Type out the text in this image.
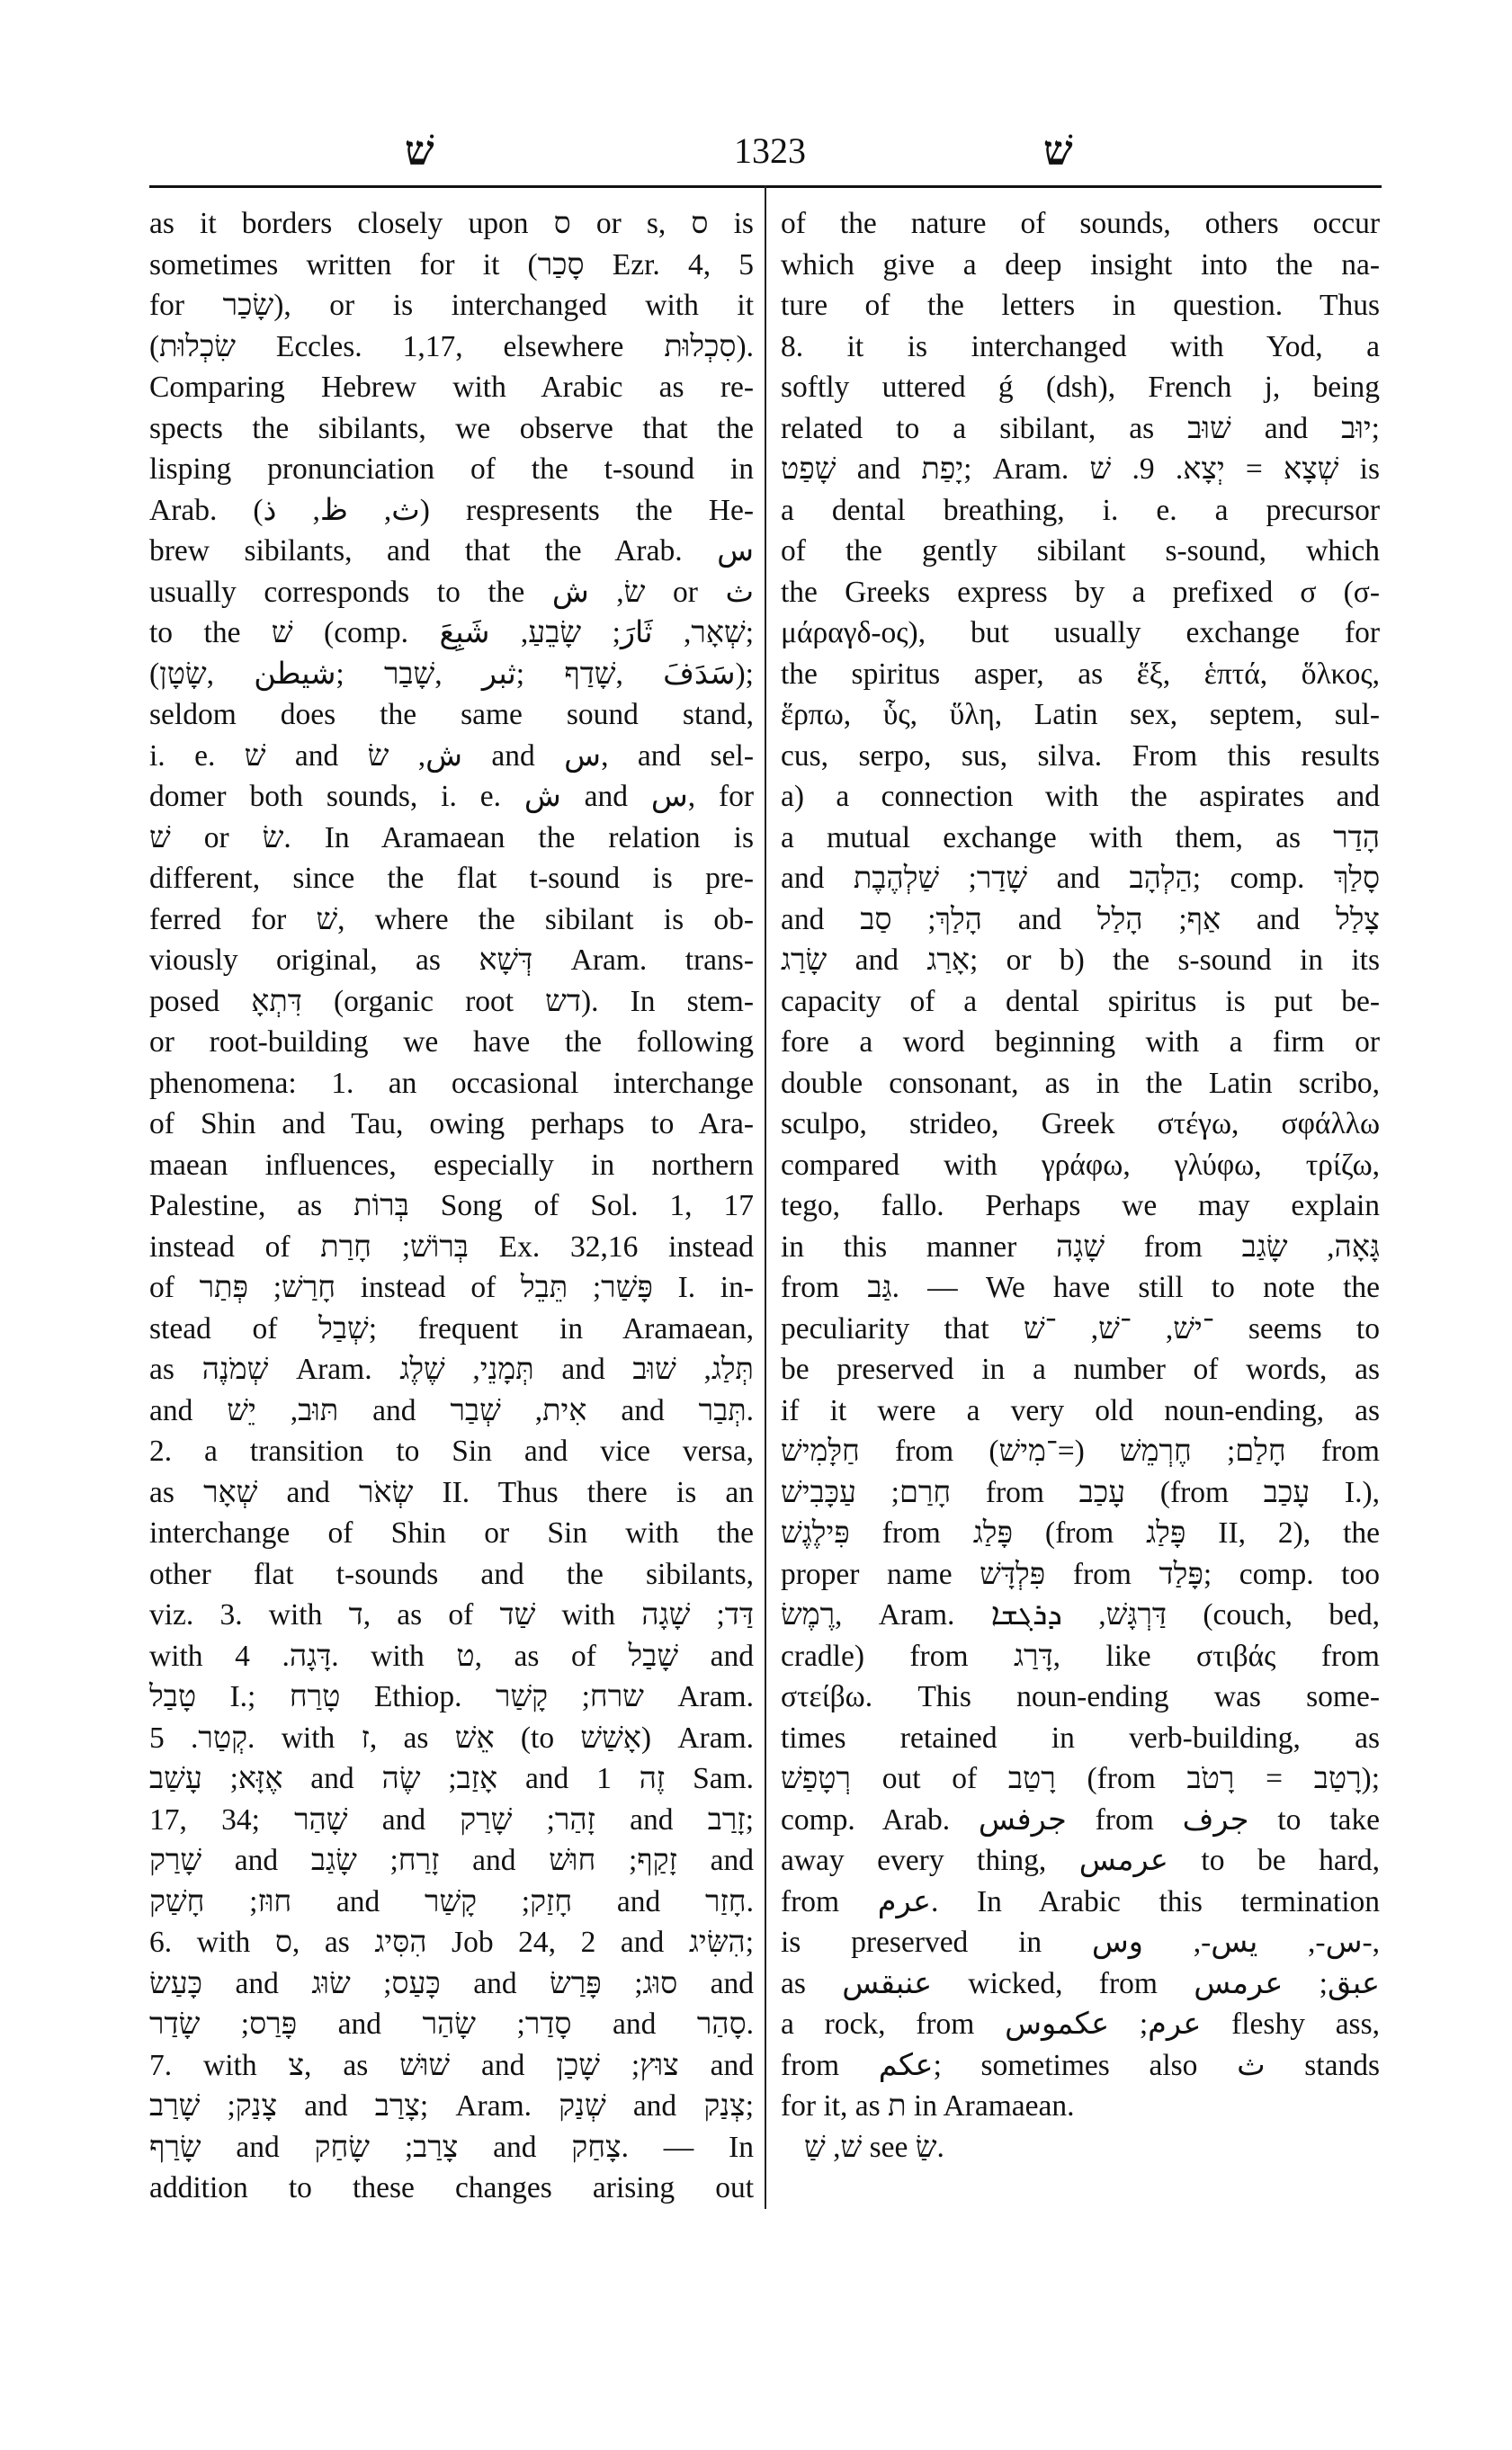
שׁ	1323	שׁ
as it borders closely upon ס or s, ס is
sometimes written for it (סָכַר Ezr. 4, 5
for שָׂכַר), or is interchanged with it
(שִׂכְלוּת Eccles. 1,17, elsewhere סִכְלוּת).
Comparing Hebrew with Arabic as re-
spects the sibilants, we observe that the
lisping pronunciation of the t-sound in
Arab. (ث, ظ, ذ) respresents the He-
brew sibilants, and that the Arab. س
usually corresponds to the שׂ, ش or ث
to the שׁ (comp. שְׁאָר, ثَارَ; שָׂבֵעַ, شَبِعَ;
(سَدَفَ ,שָׁדַף ;ثبر ,שָׁבַר ;شيطن ,שָׂטָן);
seldom does the same sound stand,
i. e. שׁ and ش, שׂ and س, and sel-
domer both sounds, i. e. ش and س, for
שׁ or שׂ. In Aramaean the relation is
different, since the flat t-sound is pre-
ferred for שׁ, where the sibilant is ob-
viously original, as דְּשָׁא Aram. trans-
posed דִּתְאָ (organic root דש). In stem-
or root-building we have the following
phenomena: 1. an occasional interchange
of Shin and Tau, owing perhaps to Ara-
maean influences, especially in northern
Palestine, as בְּרוֹת Song of Sol. 1, 17
instead of בְּרוֹשׁ; חָרַת Ex. 32,16 instead
of חָרַשׁ; פְּתַר instead of פָּשַׁר; תֵּבֵל I. in-
stead of שְׁבַל; frequent in Aramaean,
as שְׁמֹנֶה Aram. תְּמָנֵי, שֶׁלֶג and תְּלַג, שׁוּב
and תּוּב, יֵשׁ and אִית, שְׁבַר and תְּבַר.
2. a transition to Sin and vice versa,
as שְׁאָר and שְׂאֹר II. Thus there is an
interchange of Shin or Sin with the
other flat t-sounds and the sibilants,
viz. 3. with ד, as of שַׁד with דַּד; שָׁגָה
with דָּגָה. 4. with ט, as of שָׁבַל and
טָבַל I.; טָרַח Ethiop. שרח; קָשַׁר Aram.
קְטַר. 5. with ז, as אֵשׁ (to אָשַׁשׁ) Aram.
אֶזָּא; עָשַׁב and אָזַב; שֶׂה and זֶה 1 Sam.
17, 34; שָׁהַר and זָהַר; שָׁרַק and זָרַב;
שָׁרַק and זָרַח; שָׂגַב and זָקַף; חוּשׁ and
חוּז; חָשַׁק and חָזַק; קָשַׁר and חָזַר.
6. with ס, as הִסִּיג Job 24, 2 and הִשִּׂיג;
כָּעַשׂ and כָּעַס; שׂוּג and סוּג; פָּרַשׂ and
פָּרַס; שָׂדַר and סָדַר; שָׂהַר and סָהַר.
7. with צ, as שׁוּשׁ and צוּץ; שָׁכַן and
צָנַק; שָׁרַב and צָרַב; Aram. שְׁנַק and צְנַק;
שָׂרַף and צָרַב; שָׂחַק and צָחַק. — In
addition to these changes arising out
of the nature of sounds, others occur
which give a deep insight into the na-
ture of the letters in question. Thus
8. it is interchanged with Yod, a
softly uttered ǵ (dsh), French j, being
related to a sibilant, as שׁוּב and יוּב;
שָׁפַט and יָפַת; Aram. שְׁצָא = יְצָא. 9. שׁ is
a dental breathing, i. e. a precursor
of the gently sibilant s-sound, which
the Greeks express by a prefixed σ (σ-
μάραγδ-ος), but usually exchange for
the spiritus asper, as ἕξ, ἑπτά, ὅλκος,
ἕρπω, ὗς, ὕλη, Latin sex, septem, sul-
cus, serpo, sus, silva. From this results
a) a connection with the aspirates and
a mutual exchange with them, as הָדַר
and שָׁדַר; שַׁלְהֶבֶת and הַלְהָב; comp. סָלַךְ
and הָלַךְ; סַב and אַף; הָלַל and צָלַל
שָׂרַג and אָרַג; or b) the s-sound in its
capacity of a dental spiritus is put be-
fore a word beginning with a firm or
double consonant, as in the Latin scribo,
sculpo, strideo, Greek στέγω, σφάλλω
compared with γράφω, γλύφω, τρίζω,
tego, fallo. Perhaps we may explain
in this manner שָׁגָה from גָּאָה, שָׂגַב
from גַּב. — We have still to note the
peculiarity that ־ישׁ, ־שׁ, ־שׁ seems to
be preserved in a number of words, as
if it were a very old noun-ending, as
חַלָּמִישׁ from חָלַם; חֶרְמֵשׁ (=־מִישׁ) from
חָרַם; עַכָּבִישׁ from עָכַב (from עָכַב I.),
פִּילֶגֶשׁ from פָּלַג (from פָּלַג II, 2), the
proper name פִּלְדָּשׁ from פָּלַד; comp. too
רֶמֶשׂ, Aram. דַּרְגָּשׁ, ܕܪܓܫܐ (couch, bed,
cradle) from דָּרַג, like στιβάς from
στείβω. This noun-ending was some-
times retained in verb-building, as
רְטָפַשׁ out of רָטַב (from רָטַב = רָטֹב);
comp. Arab. جرفس from جرف to take
away every thing, عرمس to be hard,
from عرم. In Arabic this termination
is preserved in س-, يس-, وس-,
as عنبقس wicked, from عبق; عرمس
a rock, from عرم; عكموس fleshy ass,
from عكم; sometimes also ث stands
for it, as ת in Aramaean.
שׁ, שַׁ see שַׂ.
